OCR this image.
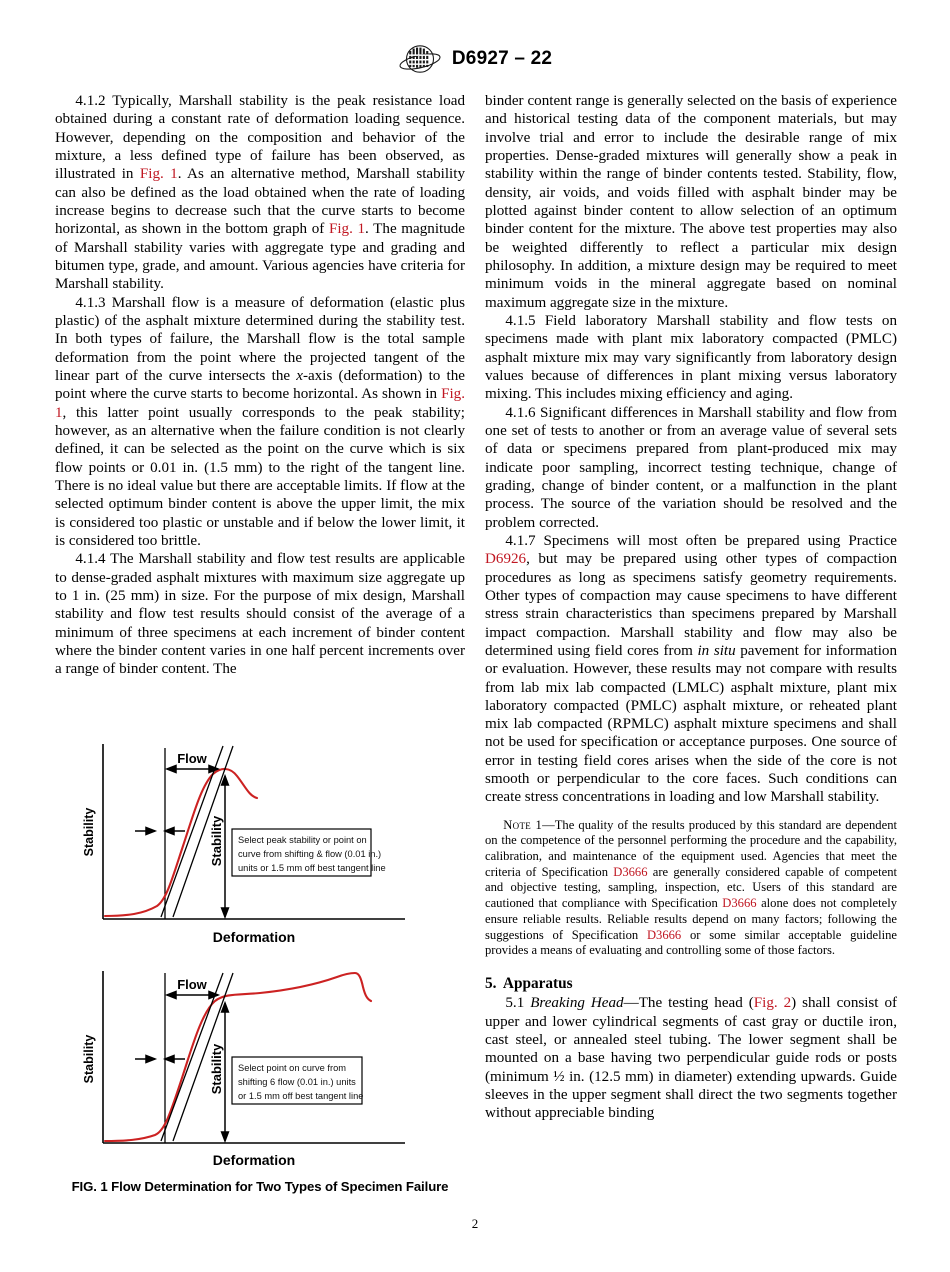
D6927 – 22

4.1.2 Typically, Marshall stability is the peak resistance load obtained during a constant rate of deformation loading sequence. However, depending on the composition and behavior of the mixture, a less defined type of failure has been observed, as illustrated in Fig. 1. As an alternative method, Marshall stability can also be defined as the load obtained when the rate of loading increase begins to decrease such that the curve starts to become horizontal, as shown in the bottom graph of Fig. 1. The magnitude of Marshall stability varies with aggregate type and grading and bitumen type, grade, and amount. Various agencies have criteria for Marshall stability.

4.1.3 Marshall flow is a measure of deformation (elastic plus plastic) of the asphalt mixture determined during the stability test. In both types of failure, the Marshall flow is the total sample deformation from the point where the projected tangent of the linear part of the curve intersects the x-axis (deformation) to the point where the curve starts to become horizontal. As shown in Fig. 1, this latter point usually corresponds to the peak stability; however, as an alternative when the failure condition is not clearly defined, it can be selected as the point on the curve which is six flow points or 0.01 in. (1.5 mm) to the right of the tangent line. There is no ideal value but there are acceptable limits. If flow at the selected optimum binder content is above the upper limit, the mix is considered too plastic or unstable and if below the lower limit, it is considered too brittle.

4.1.4 The Marshall stability and flow test results are applicable to dense-graded asphalt mixtures with maximum size aggregate up to 1 in. (25 mm) in size. For the purpose of mix design, Marshall stability and flow test results should consist of the average of a minimum of three specimens at each increment of binder content where the binder content varies in one half percent increments over a range of binder content. The

binder content range is generally selected on the basis of experience and historical testing data of the component materials, but may involve trial and error to include the desirable range of mix properties. Dense-graded mixtures will generally show a peak in stability within the range of binder contents tested. Stability, flow, density, air voids, and voids filled with asphalt binder may be plotted against binder content to allow selection of an optimum binder content for the mixture. The above test properties may also be weighted differently to reflect a particular mix design philosophy. In addition, a mixture design may be required to meet minimum voids in the mineral aggregate based on nominal maximum aggregate size in the mixture.

4.1.5 Field laboratory Marshall stability and flow tests on specimens made with plant mix laboratory compacted (PMLC) asphalt mixture mix may vary significantly from laboratory design values because of differences in plant mixing versus laboratory mixing. This includes mixing efficiency and aging.

4.1.6 Significant differences in Marshall stability and flow from one set of tests to another or from an average value of several sets of data or specimens prepared from plant-produced mix may indicate poor sampling, incorrect testing technique, change of grading, change of binder content, or a malfunction in the plant process. The source of the variation should be resolved and the problem corrected.

4.1.7 Specimens will most often be prepared using Practice D6926, but may be prepared using other types of compaction procedures as long as specimens satisfy geometry requirements. Other types of compaction may cause specimens to have different stress strain characteristics than specimens prepared by Marshall impact compaction. Marshall stability and flow may also be determined using field cores from in situ pavement for information or evaluation. However, these results may not compare with results from lab mix lab compacted (LMLC) asphalt mixture, plant mix laboratory compacted (PMLC) asphalt mixture, or reheated plant mix lab compacted (RPMLC) asphalt mixture specimens and shall not be used for specification or acceptance purposes. One source of error in testing field cores arises when the side of the core is not smooth or perpendicular to the core faces. Such conditions can create stress concentrations in loading and low Marshall stability.

Note 1—The quality of the results produced by this standard are dependent on the competence of the personnel performing the procedure and the capability, calibration, and maintenance of the equipment used. Agencies that meet the criteria of Specification D3666 are generally considered capable of competent and objective testing, sampling, inspection, etc. Users of this standard are cautioned that compliance with Specification D3666 alone does not completely ensure reliable results. Reliable results depend on many factors; following the suggestions of Specification D3666 or some similar acceptable guideline provides a means of evaluating and controlling some of those factors.

5. Apparatus

5.1 Breaking Head—The testing head (Fig. 2) shall consist of upper and lower cylindrical segments of cast gray or ductile iron, cast steel, or annealed steel tubing. The lower segment shall be mounted on a base having two perpendicular guide rods or posts (minimum ½ in. (12.5 mm) in diameter) extending upwards. Guide sleeves in the upper segment shall direct the two segments together without appreciable binding

Flow
Stability
Stability
Deformation
Select peak stability or point on
curve from shifting & flow (0.01 in.)
units or 1.5 mm off best tangent line
Flow
Stability
Stability
Deformation
Select point on curve from
shifting 6 flow (0.01 in.) units
or 1.5 mm off best tangent line
FIG. 1 Flow Determination for Two Types of Specimen Failure
2
